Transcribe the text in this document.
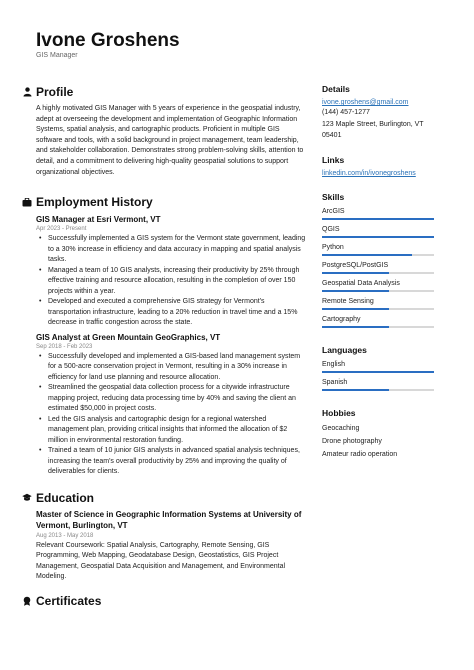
Ivone Groshens
GIS Manager
Profile
A highly motivated GIS Manager with 5 years of experience in the geospatial industry, adept at overseeing the development and implementation of Geographic Information Systems, spatial analysis, and cartographic products. Proficient in multiple GIS software and tools, with a solid background in project management, team leadership, and stakeholder collaboration. Demonstrates strong problem-solving skills, attention to detail, and a commitment to delivering high-quality geospatial solutions to support organizational objectives.
Employment History
GIS Manager at Esri Vermont, VT
Apr 2023 - Present
• Successfully implemented a GIS system for the Vermont state government, leading to a 30% increase in efficiency and data accuracy in mapping and spatial analysis tasks.
• Managed a team of 10 GIS analysts, increasing their productivity by 25% through effective training and resource allocation, resulting in the completion of over 150 projects within a year.
• Developed and executed a comprehensive GIS strategy for Vermont's transportation infrastructure, leading to a 20% reduction in travel time and a 15% decrease in traffic congestion across the state.
GIS Analyst at Green Mountain GeoGraphics, VT
Sep 2018 - Feb 2023
• Successfully developed and implemented a GIS-based land management system for a 500-acre conservation project in Vermont, resulting in a 30% increase in efficiency for land use planning and resource allocation.
• Streamlined the geospatial data collection process for a citywide infrastructure mapping project, reducing data processing time by 40% and saving the client an estimated $50,000 in project costs.
• Led the GIS analysis and cartographic design for a regional watershed management plan, providing critical insights that informed the allocation of $2 million in environmental restoration funding.
• Trained a team of 10 junior GIS analysts in advanced spatial analysis techniques, increasing the team's overall productivity by 25% and improving the quality of deliverables for clients.
Education
Master of Science in Geographic Information Systems at University of Vermont, Burlington, VT
Aug 2013 - May 2018
Relevant Coursework: Spatial Analysis, Cartography, Remote Sensing, GIS Programming, Web Mapping, Geodatabase Design, Geostatistics, GIS Project Management, Geospatial Data Acquisition and Management, and Environmental Modeling.
Certificates
Details
ivone.groshens@gmail.com
(144) 457-1277
123 Maple Street, Burlington, VT 05401
Links
linkedin.com/in/ivonegroshens
Skills
ArcGIS
QGIS
Python
PostgreSQL/PostGIS
Geospatial Data Analysis
Remote Sensing
Cartography
Languages
English
Spanish
Hobbies
Geocaching
Drone photography
Amateur radio operation
